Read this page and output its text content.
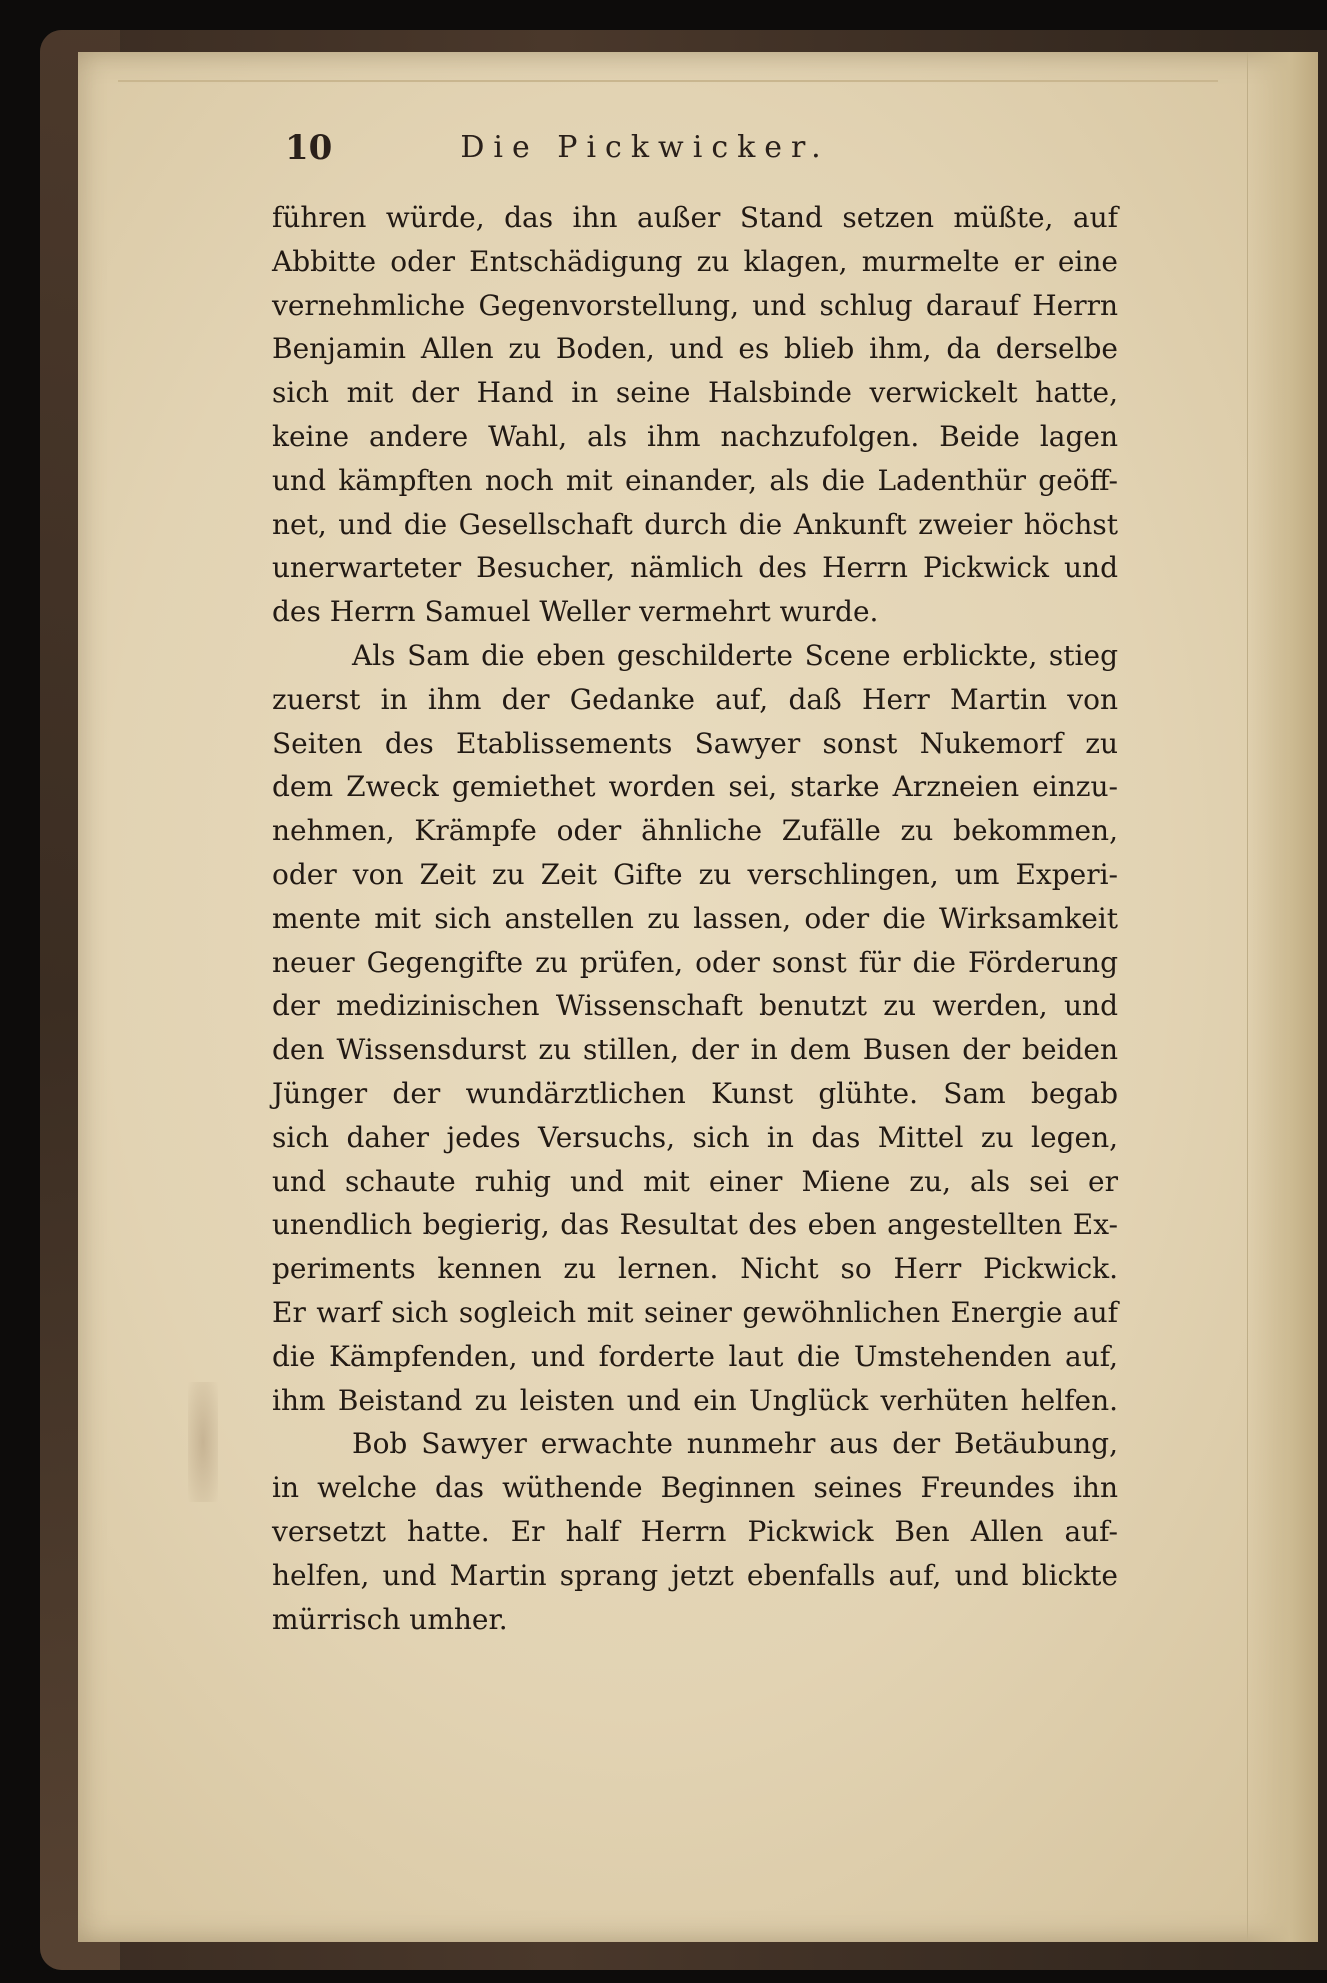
10	Die Pickwicker.
führen würde, das ihn außer Stand setzen müßte, auf
Abbitte oder Entschädigung zu klagen, murmelte er eine
vernehmliche Gegenvorstellung, und schlug darauf Herrn
Benjamin Allen zu Boden, und es blieb ihm, da derselbe
sich mit der Hand in seine Halsbinde verwickelt hatte,
keine andere Wahl, als ihm nachzufolgen. Beide lagen
und kämpften noch mit einander, als die Ladenthür geöff-
net, und die Gesellschaft durch die Ankunft zweier höchst
unerwarteter Besucher, nämlich des Herrn Pickwick und
des Herrn Samuel Weller vermehrt wurde.
Als Sam die eben geschilderte Scene erblickte, stieg
zuerst in ihm der Gedanke auf, daß Herr Martin von
Seiten des Etablissements Sawyer sonst Nukemorf zu
dem Zweck gemiethet worden sei, starke Arzneien einzu-
nehmen, Krämpfe oder ähnliche Zufälle zu bekommen,
oder von Zeit zu Zeit Gifte zu verschlingen, um Experi-
mente mit sich anstellen zu lassen, oder die Wirksamkeit
neuer Gegengifte zu prüfen, oder sonst für die Förderung
der medizinischen Wissenschaft benutzt zu werden, und
den Wissensdurst zu stillen, der in dem Busen der beiden
Jünger der wundärztlichen Kunst glühte. Sam begab
sich daher jedes Versuchs, sich in das Mittel zu legen,
und schaute ruhig und mit einer Miene zu, als sei er
unendlich begierig, das Resultat des eben angestellten Ex-
periments kennen zu lernen. Nicht so Herr Pickwick.
Er warf sich sogleich mit seiner gewöhnlichen Energie auf
die Kämpfenden, und forderte laut die Umstehenden auf,
ihm Beistand zu leisten und ein Unglück verhüten helfen.
Bob Sawyer erwachte nunmehr aus der Betäubung,
in welche das wüthende Beginnen seines Freundes ihn
versetzt hatte. Er half Herrn Pickwick Ben Allen auf-
helfen, und Martin sprang jetzt ebenfalls auf, und blickte
mürrisch umher.
